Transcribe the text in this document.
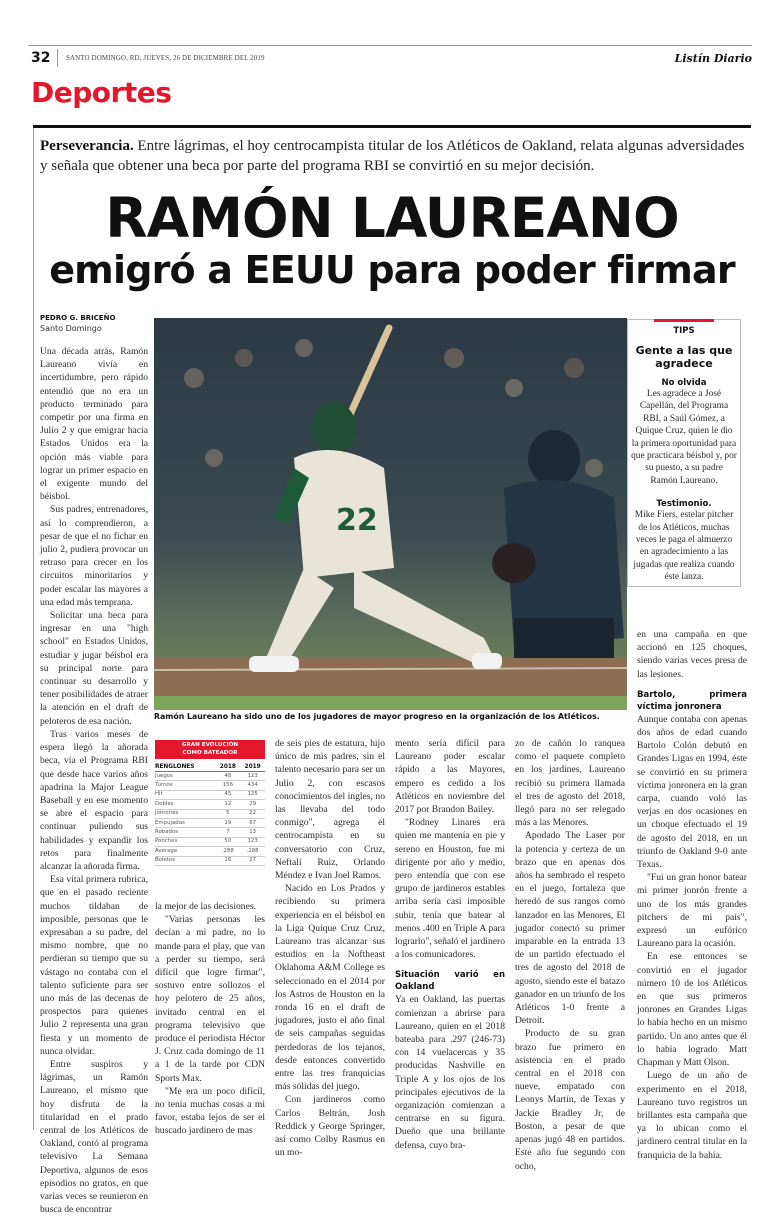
32 SANTO DOMINGO, RD, JUEVES, 26 DE DICIEMBRE DEL 2019	Listín Diario
Deportes
Perseverancia. Entre lágrimas, el hoy centrocampista titular de los Atléticos de Oakland, relata algunas adversidades y señala que obtener una beca por parte del programa RBI se convirtió en su mejor decisión.
RAMÓN LAUREANO
emigró a EEUU para poder firmar
PEDRO G. BRICEÑO
Santo Domingo

Una década atrás, Ramón Laureano vivía en incertidumbre, pero rápido entendió que no era un producto terminado para competir por una firma en Julio 2 y que emigrar hacia Estados Unidos era la opción más viable para lograr un primer espacio en el exigente mundo del béisbol.

Sus padres, entrenadores, así lo comprendieron, a pesar de que el no fichar en julio 2, pudiera provocar un retraso para crecer en los circuitos minoritarios y poder escalar las mayores a una edad más temprana.

Solicitar una beca para ingresar en una "high school" en Estados Unidos, estudiar y jugar béisbol era su principal norte para continuar su desarrollo y tener posibilidades de atraer la atención en el draft de peloteros de esa nación.

Tras varios meses de espera llegó la añorada beca, vía el Programa RBI que desde hace varios años apadrina la Major League Baseball y en ese momento se abre el espacio para continuar puliendo sus habilidades y expandir los retos para finalmente alcanzar la añorada firma.

Esa vital primera rubrica, que en el pasado reciente muchos tildaban de imposible, personas que le expresaban a su padre, del mismo nombre, que no perdieran su tiempo que su vástago no contaba con el talento suficiente para ser uno más de las decenas de prospectos para quienes Julio 2 representa una gran fiesta y un momento de nunca olvidar.

Entre suspiros y lágrimas, un Ramón Laureano, el mismo que hoy disfruta de la titularidad en el prado central de los Atléticos de Oakland, contó al programa televisivo La Semana Deportiva, algunos de esos episodios no gratos, en que varias veces se reunieron en busca de encontrar

22
Ramón Laureano ha sido uno de los jugadores de mayor progreso en la organización de los Atléticos.
TIPS
Gente a las que agradece
No olvida
Les agradece a José Capellán, del Programa RBI, a Saúl Gómez, a Quique Cruz, quien le dio la primera oportunidad para que practicara béisbol y, por su puesto, a su padre Ramón Laureano.
Testimonio.
Mike Fiers, estelar pitcher de los Atléticos, muchas veces le paga el almuerzo en agradecimiento a las jugadas que realiza cuando éste lanza.
GRAN EVOLUCIÓN
COMO BATEADOR
RENGLONES	2018	2019
Juegos	48	123
Turnos	156	434
Hit	45	125
Dobles	12	29
Jonrones	5	22
Empujadas	19	67
Robados	7	13
Ponches	50	123
Average	.288	.288
Boletos	16	27

la mejor de las decisiones.

"Varias personas les decían a mi padre, no lo mande para el play, que van a perder su tiempo, será difícil que logre firmar", sostuvo entre sollozos el hoy pelotero de 25 años, invitado central en el programa televisivo que produce el periodista Héctor J. Cruz cada domingo de 11 a 1 de la tarde por CDN Sports Max.

"Me era un poco difícil, no tenía muchas cosas a mi favor, estaba lejos de ser el buscado jardinero de mas

de seis pies de estatura, hijo único de mis padres, sin el talento necesario para ser un Julio 2, con escasos conocimientos del ingles, no las llevaba del todo conmigo", agrega el centrocampista en su conversatorio con Cruz, Neftalí Ruiz, Orlando Méndez e Ivan Joel Ramos.

Nacido en Los Prados y recibiendo su primera experiencia en el béisbol en la Liga Quique Cruz Cruz, Laureano tras alcanzar sus estudios en la Nofthеast Oklahoma A&M College es seleccionado en el 2014 por los Astros de Houston en la ronda 16 en el draft de jugadores, justo el año final de seis campañas seguidas perdedoras de los tejanos, desde entonces convertido entre las tres franquicias más sólidas del juego.

Con jardineros como Carlos Beltrán, Josh Reddick y George Springer, así como Colby Rasmus en un mo-

mento sería difícil para Laureano poder escalar rápido a las Mayores, empero es cedido a los Atléticos en noviembre del 2017 por Brandon Bailey.

"Rodney Linares era quien me mantenía en pie y sereno en Houston, fue mi dirigente por año y medio, pero entendía que con ese grupo de jardineros estables arriba sería casi imposible subir, tenía que batear al menos .400 en Triple A para lograrlo", señaló el jardinero a los comunicadores.

Situación varió en Oakland

Ya en Oakland, las puertas comienzan a abrirse para Laureano, quien en el 2018 bateaba para .297 (246-73) con 14 vuelacercas y 35 producidas Nashville en Triple A y los ojos de los principales ejecutivos de la organización comienzan a centrarse en su figura. Dueño que una brillante defensa, cuyo bra-

zo de cañón lo ranquea como el paquete completo en los jardines, Laureano recibió su primera llamada el tres de agosto del 2018, llegó para no ser relegado más a las Menores.

Apodado The Laser por la potencia y certeza de un brazo que en apenas dos años ha sembrado el respeto en el juego, fortaleza que heredó de sus rangos como lanzador en las Menores, El jugador conectó su primer imparable en la entrada 13 de un partido efectuado el tres de agosto del 2018 de agosto, siendo este el batazo ganador en un triunfo de los Atléticos 1-0 frente a Detroit.

Producto de su gran brazo fue primero en asistencia en el prado central en el 2018 con nueve, empatado con Leonys Martín, de Texas y Jackie Bradley Jr, de Boston, a pesar de que apenas jugó 48 en partidos. Este año fue segundo con ocho,

en una campaña en que accionó en 125 choques, siendo varias veces presa de las lesiones.

Bartolo, primera víctima jonronera

Aunque contaba con apenas dos años de edad cuando Bartolo Colón debutó en Grandes Ligas en 1994, éste se convirtió en su primera víctima jonronera en la gran carpa, cuando voló las verjas en dos ocasiones en un choque efectuado el 19 de agosto del 2018, en un triunfo de Oakland 9-0 ante Texas.

"Fui un gran honor batear mi primer jonrón frente a uno de los más grandes pitchers de mi país", expresó un eufórico Laureano para la ocasión.

En ese entonces se convirtió en el jugador número 10 de los Atléticos en que sus primeros jonrones en Grandes Ligas lo había hecho en un mismo partido. Un ano antes que él lo había logrado Matt Chapman y Matt Olson.

Luego de un año de experimento en el 2018, Laureano tuvo registros un brillantes esta campaña que ya lo ubican como el jardinero central titular en la franquicia de la bahía.
